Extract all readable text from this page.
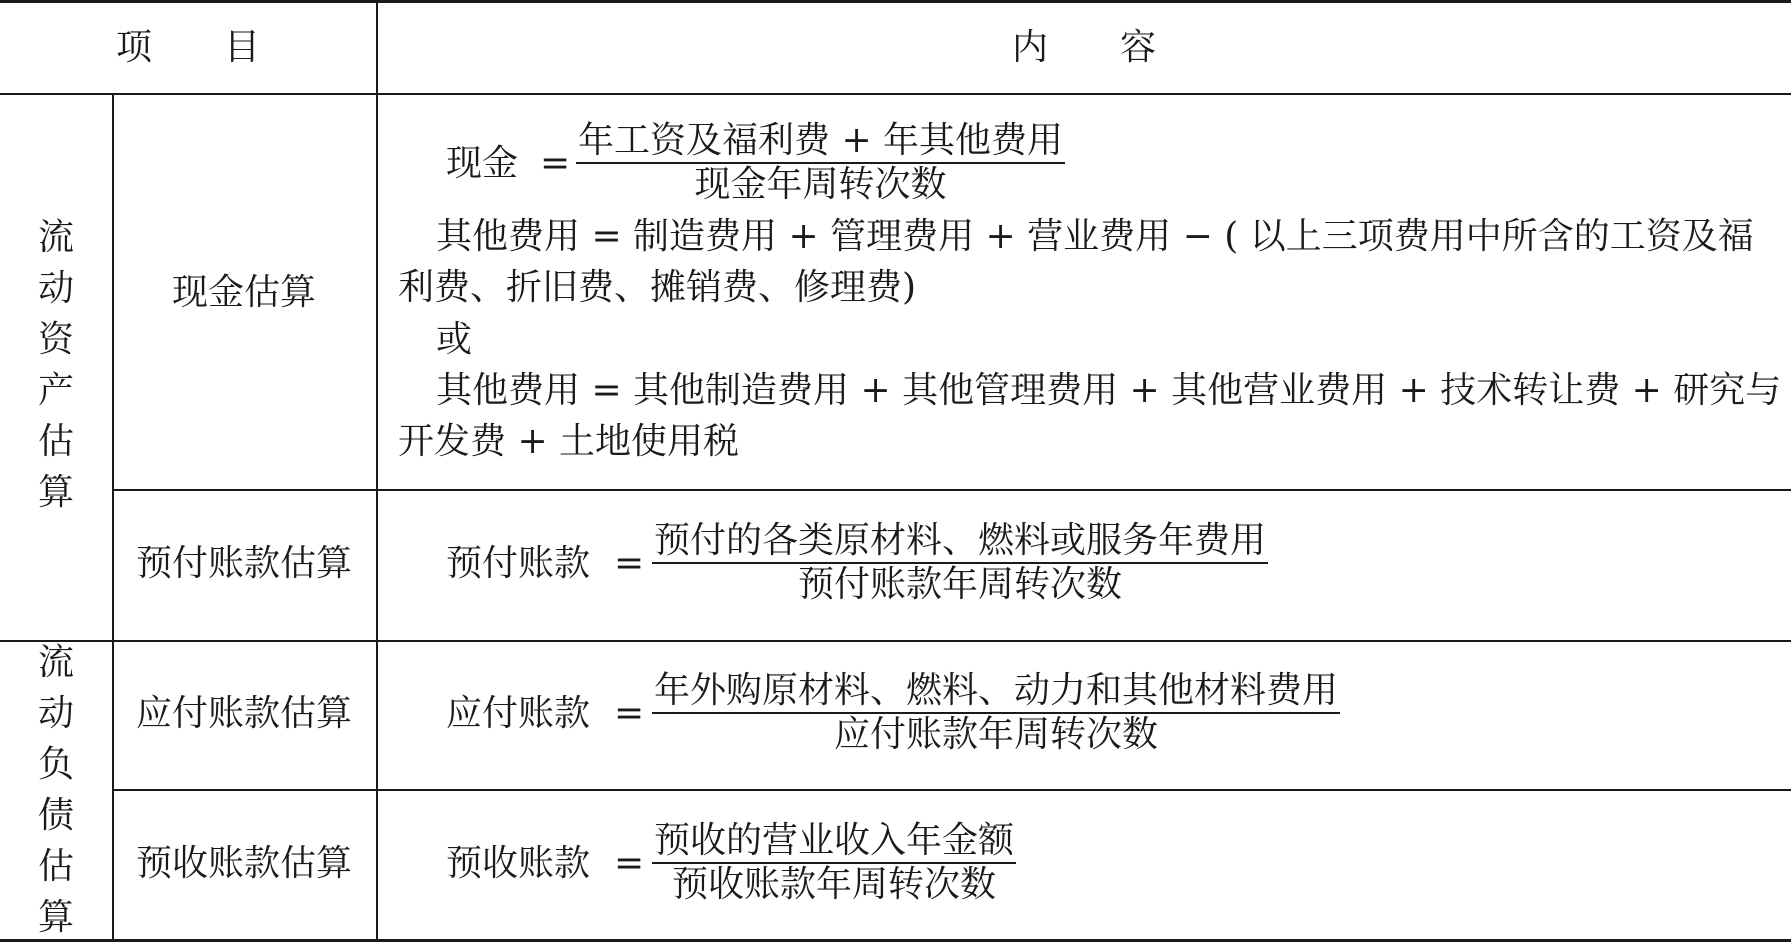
项　　目	内　　容
流
动
资
产
估
算
流
动
负
债
估
算
现金估算
预付账款估算
应付账款估算
预收账款估算
现金 =
年工资及福利费 + 年其他费用
现金年周转次数
其他费用 = 制造费用 + 管理费用 + 营业费用 − ( 以上三项费用中所含的工资及福
利费、折旧费、摊销费、修理费)
或
其他费用 = 其他制造费用 + 其他管理费用 + 其他营业费用 + 技术转让费 + 研究与
开发费 + 土地使用税
预付账款 =
预付的各类原材料、燃料或服务年费用
预付账款年周转次数
应付账款 =
年外购原材料、燃料、动力和其他材料费用
应付账款年周转次数
预收账款 =
预收的营业收入年金额
预收账款年周转次数
